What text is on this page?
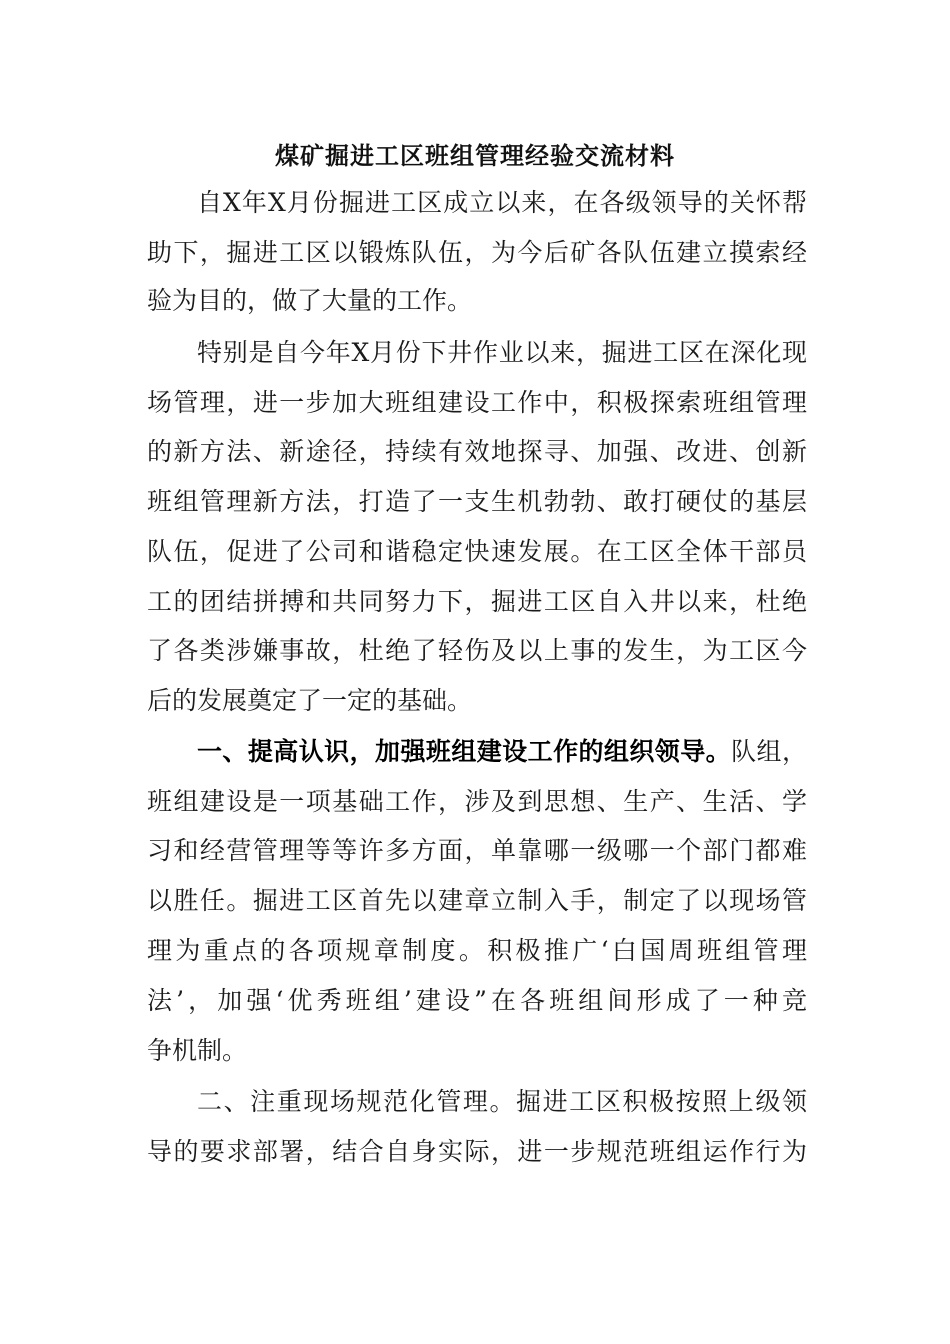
煤矿掘进工区班组管理经验交流材料
自X年X月份掘进工区成立以来，在各级领导的关怀帮
助下，掘进工区以锻炼队伍，为今后矿各队伍建立摸索经
验为目的，做了大量的工作。
特别是自今年X月份下井作业以来，掘进工区在深化现
场管理，进一步加大班组建设工作中，积极探索班组管理
的新方法、新途径，持续有效地探寻、加强、改进、创新
班组管理新方法，打造了一支生机勃勃、敢打硬仗的基层
队伍，促进了公司和谐稳定快速发展。在工区全体干部员
工的团结拼搏和共同努力下，掘进工区自入井以来，杜绝
了各类涉嫌事故，杜绝了轻伤及以上事的发生，为工区今
后的发展奠定了一定的基础。
一、提高认识，加强班组建设工作的组织领导。队组，
班组建设是一项基础工作，涉及到思想、生产、生活、学
习和经营管理等等许多方面，单靠哪一级哪一个部门都难
以胜任。掘进工区首先以建章立制入手，制定了以现场管
理为重点的各项规章制度。积极推广‘白国周班组管理
法’，加强‘优秀班组’建设”在各班组间形成了一种竞
争机制。
二、注重现场规范化管理。掘进工区积极按照上级领
导的要求部署，结合自身实际，进一步规范班组运作行为
